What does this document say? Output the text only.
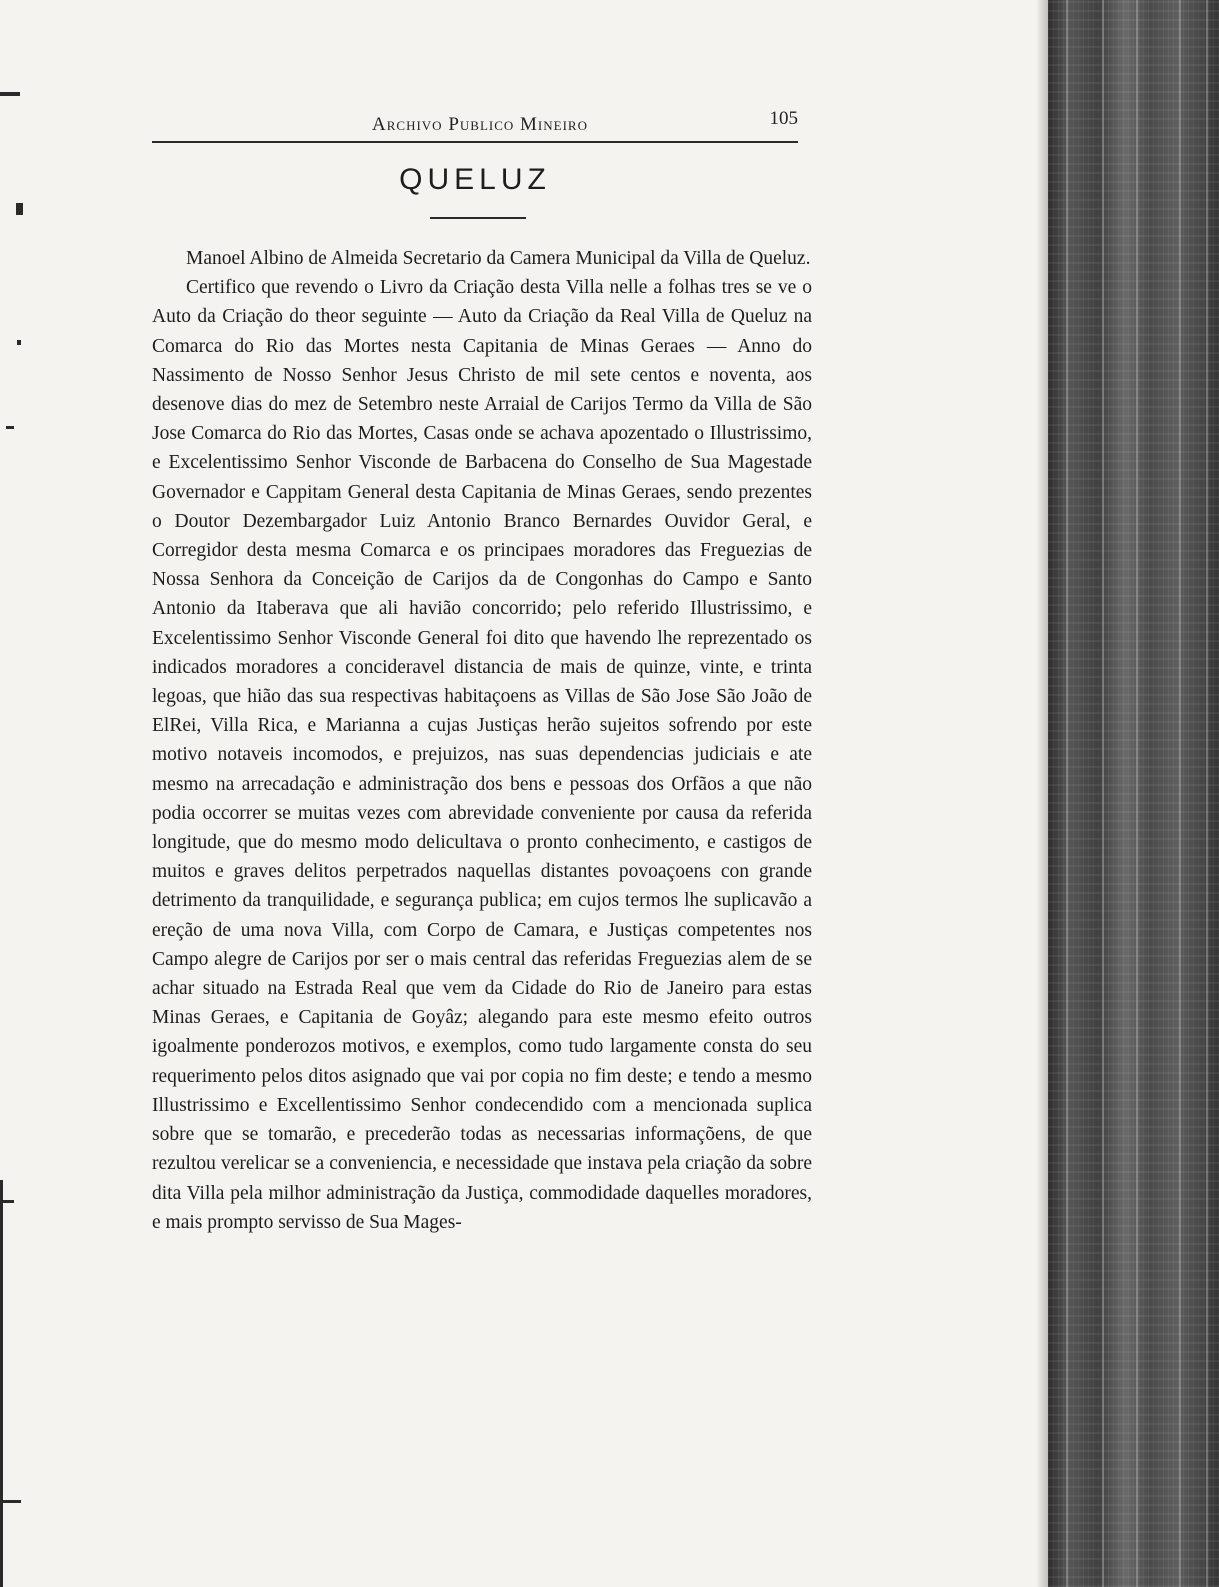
Archivo Publico Mineiro	105
QUELUZ

Manoel Albino de Almeida Secretario da Camera Municipal da Villa de Queluz.

Certifico que revendo o Livro da Criação desta Villa nelle a folhas tres se ve o Auto da Criação do theor seguinte — Auto da Criação da Real Villa de Queluz na Comarca do Rio das Mortes nesta Capitania de Minas Geraes — Anno do Nassimento de Nosso Senhor Jesus Christo de mil sete centos e noventa, aos desenove dias do mez de Setembro neste Arraial de Carijos Termo da Villa de São Jose Comarca do Rio das Mortes, Casas onde se achava apozentado o Illustrissimo, e Excelentissimo Senhor Visconde de Barbacena do Conselho de Sua Magestade Governador e Cappitam General desta Capitania de Minas Geraes, sendo prezentes o Doutor Dezembargador Luiz Antonio Branco Bernardes Ouvidor Geral, e Corregidor desta mesma Comarca e os principaes moradores das Freguezias de Nossa Senhora da Conceição de Carijos da de Congonhas do Campo e Santo Antonio da Itaberava que ali havião concorrido; pelo referido Illustrissimo, e Excelentissimo Senhor Visconde General foi dito que havendo lhe reprezentado os indicados moradores a concideravel distancia de mais de quinze, vinte, e trinta legoas, que hião das sua respectivas habitaçoens as Villas de São Jose São João de ElRei, Villa Rica, e Marianna a cujas Justiças herão sujeitos sofrendo por este motivo notaveis incomodos, e prejuizos, nas suas dependencias judiciais e ate mesmo na arrecadação e administração dos bens e pessoas dos Orfãos a que não podia occorrer se muitas vezes com abrevidade conveniente por causa da referida longitude, que do mesmo modo delicultava o pronto conhecimento, e castigos de muitos e graves delitos perpetrados naquellas distantes povoaçoens con grande detrimento da tranquilidade, e segurança publica; em cujos termos lhe suplicavão a ereção de uma nova Villa, com Corpo de Camara, e Justiças competentes nos Campo alegre de Carijos por ser o mais central das referidas Freguezias alem de se achar situado na Estrada Real que vem da Cidade do Rio de Janeiro para estas Minas Geraes, e Capitania de Goyâz; alegando para este mesmo efeito outros igoalmente ponderozos motivos, e exemplos, como tudo largamente consta do seu requerimento pelos ditos asignado que vai por copia no fim deste; e tendo a mesmo Illustrissimo e Excellentissimo Senhor condecendido com a mencionada suplica sobre que se tomarão, e precederão todas as necessarias informaçõens, de que rezultou verelicar se a conveniencia, e necessidade que instava pela criação da sobre dita Villa pela milhor administração da Justiça, commodidade daquelles moradores, e mais prompto servisso de Sua Mages-
